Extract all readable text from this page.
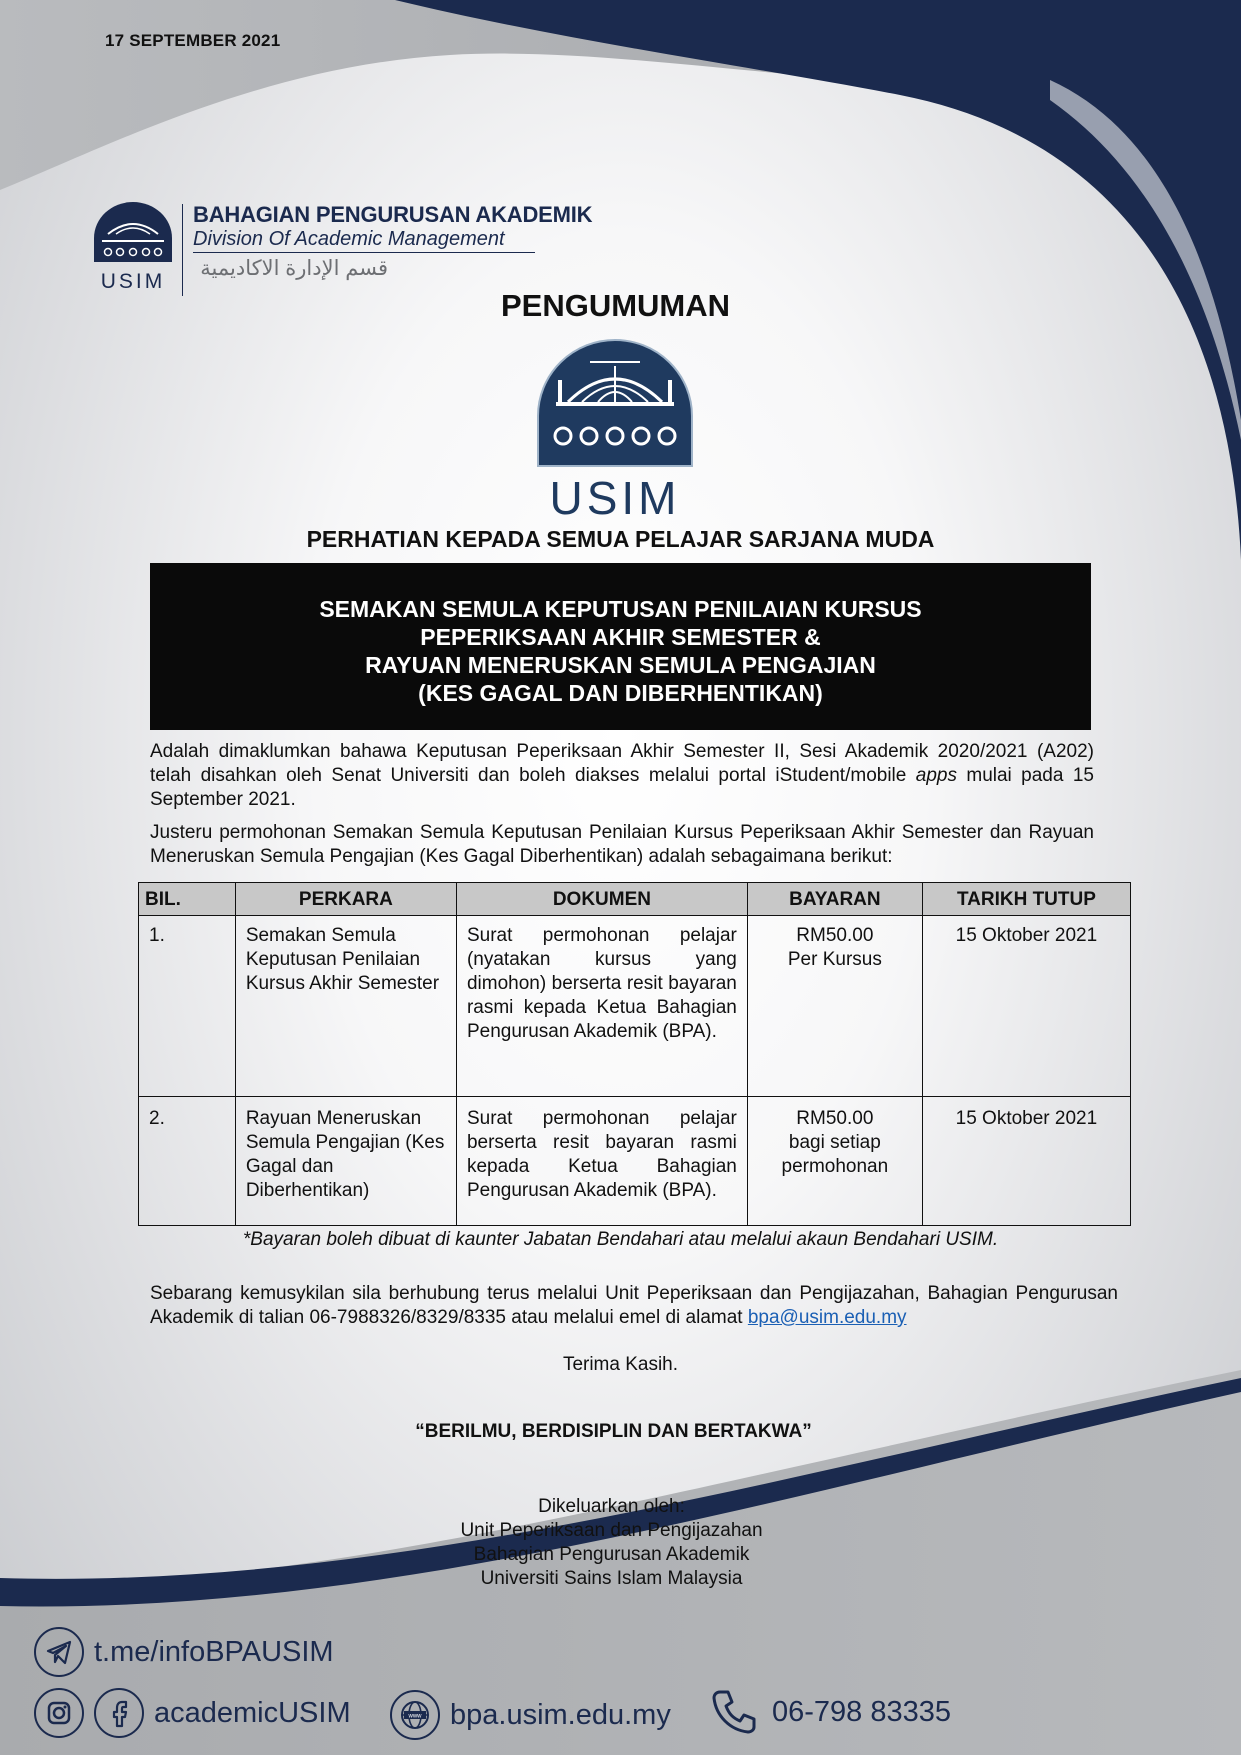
17 SEPTEMBER 2021
USIM
BAHAGIAN PENGURUSAN AKADEMIK
Division Of Academic Management
قسم الإدارة الاكاديمية
PENGUMUMAN
USIM
PERHATIAN KEPADA SEMUA PELAJAR SARJANA MUDA
SEMAKAN SEMULA KEPUTUSAN PENILAIAN KURSUS
PEPERIKSAAN AKHIR SEMESTER &
RAYUAN MENERUSKAN SEMULA PENGAJIAN
(KES GAGAL DAN DIBERHENTIKAN)
Adalah dimaklumkan bahawa Keputusan Peperiksaan Akhir Semester II, Sesi Akademik 2020/2021 (A202) telah disahkan oleh Senat Universiti dan boleh diakses melalui portal iStudent/mobile apps mulai pada 15 September 2021.
Justeru permohonan Semakan Semula Keputusan Penilaian Kursus Peperiksaan Akhir Semester dan Rayuan Meneruskan Semula Pengajian (Kes Gagal Diberhentikan) adalah sebagaimana berikut:
BIL.	PERKARA	DOKUMEN	BAYARAN	TARIKH TUTUP
1.	Semakan Semula Keputusan Penilaian Kursus Akhir Semester	Surat permohonan pelajar (nyatakan kursus yang dimohon) berserta resit bayaran rasmi kepada Ketua Bahagian Pengurusan Akademik (BPA).	RM50.00
Per Kursus	15 Oktober 2021
2.	Rayuan Meneruskan Semula Pengajian (Kes Gagal dan Diberhentikan)	Surat permohonan pelajar berserta resit bayaran rasmi kepada Ketua Bahagian Pengurusan Akademik (BPA).	RM50.00
bagi setiap
permohonan	15 Oktober 2021
*Bayaran boleh dibuat di kaunter Jabatan Bendahari atau melalui akaun Bendahari USIM.
Sebarang kemusykilan sila berhubung terus melalui Unit Peperiksaan dan Pengijazahan, Bahagian Pengurusan Akademik di talian 06-7988326/8329/8335 atau melalui emel di alamat bpa@usim.edu.my
Terima Kasih.
“BERILMU, BERDISIPLIN DAN BERTAKWA”
Dikeluarkan oleh:
Unit Peperiksaan dan Pengijazahan
Bahagian Pengurusan Akademik
Universiti Sains Islam Malaysia
t.me/infoBPAUSIM
academicUSIM	www bpa.usim.edu.my	06-798 83335
